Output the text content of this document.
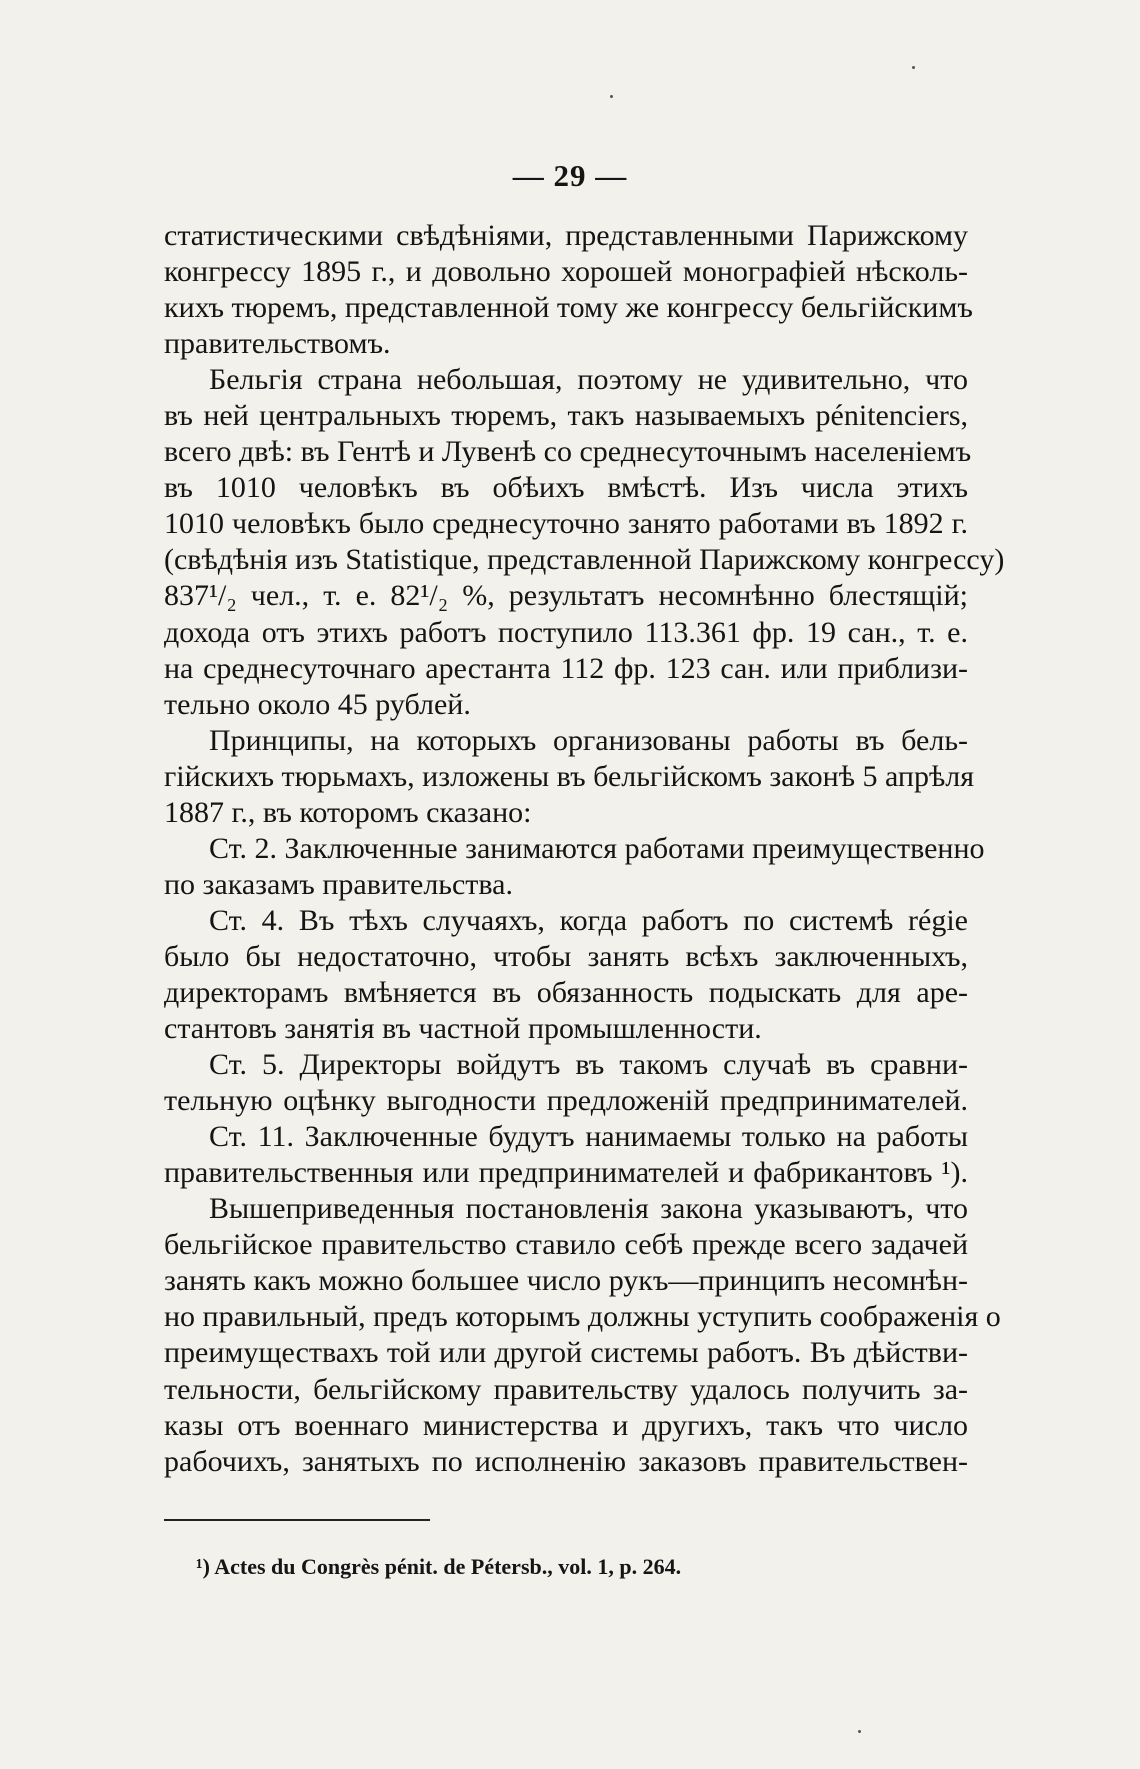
— 29 —
статистическими свѣдѣніями, представленными Парижскому
конгрессу 1895 г., и довольно хорошей монографіей нѣсколь-
кихъ тюремъ, представленной тому же конгрессу бельгійскимъ
правительствомъ.
Бельгія страна небольшая, поэтому не удивительно, что
въ ней центральныхъ тюремъ, такъ называемыхъ pénitenciers,
всего двѣ: въ Гентѣ и Лувенѣ со среднесуточнымъ населеніемъ
въ 1010 человѣкъ въ обѣихъ вмѣстѣ. Изъ числа этихъ
1010 человѣкъ было среднесуточно занято работами въ 1892 г.
(свѣдѣнія изъ Statistique, представленной Парижскому конгрессу)
837¹/₂ чел., т. е. 82¹/₂ %, результатъ несомнѣнно блестящій;
дохода отъ этихъ работъ поступило 113.361 фр. 19 сан., т. е.
на среднесуточнаго арестанта 112 фр. 123 сан. или приблизи-
тельно около 45 рублей.
Принципы, на которыхъ организованы работы въ бель-
гійскихъ тюрьмахъ, изложены въ бельгійскомъ законѣ 5 апрѣля
1887 г., въ которомъ сказано:
Ст. 2. Заключенные занимаются работами преимущественно
по заказамъ правительства.
Ст. 4. Въ тѣхъ случаяхъ, когда работъ по системѣ régie
было бы недостаточно, чтобы занять всѣхъ заключенныхъ,
директорамъ вмѣняется въ обязанность подыскать для аре-
стантовъ занятія въ частной промышленности.
Ст. 5. Директоры войдутъ въ такомъ случаѣ въ сравни-
тельную оцѣнку выгодности предложеній предпринимателей.
Ст. 11. Заключенные будутъ нанимаемы только на работы
правительственныя или предпринимателей и фабрикантовъ ¹).
Вышеприведенныя постановленія закона указываютъ, что
бельгійское правительство ставило себѣ прежде всего задачей
занять какъ можно большее число рукъ—принципъ несомнѣн-
но правильный, предъ которымъ должны уступить соображенія о
преимуществахъ той или другой системы работъ. Въ дѣйстви-
тельности, бельгійскому правительству удалось получить за-
казы отъ военнаго министерства и другихъ, такъ что число
рабочихъ, занятыхъ по исполненію заказовъ правительствен-
¹) Actes du Congrès pénit. de Pétersb., vol. 1, p. 264.
